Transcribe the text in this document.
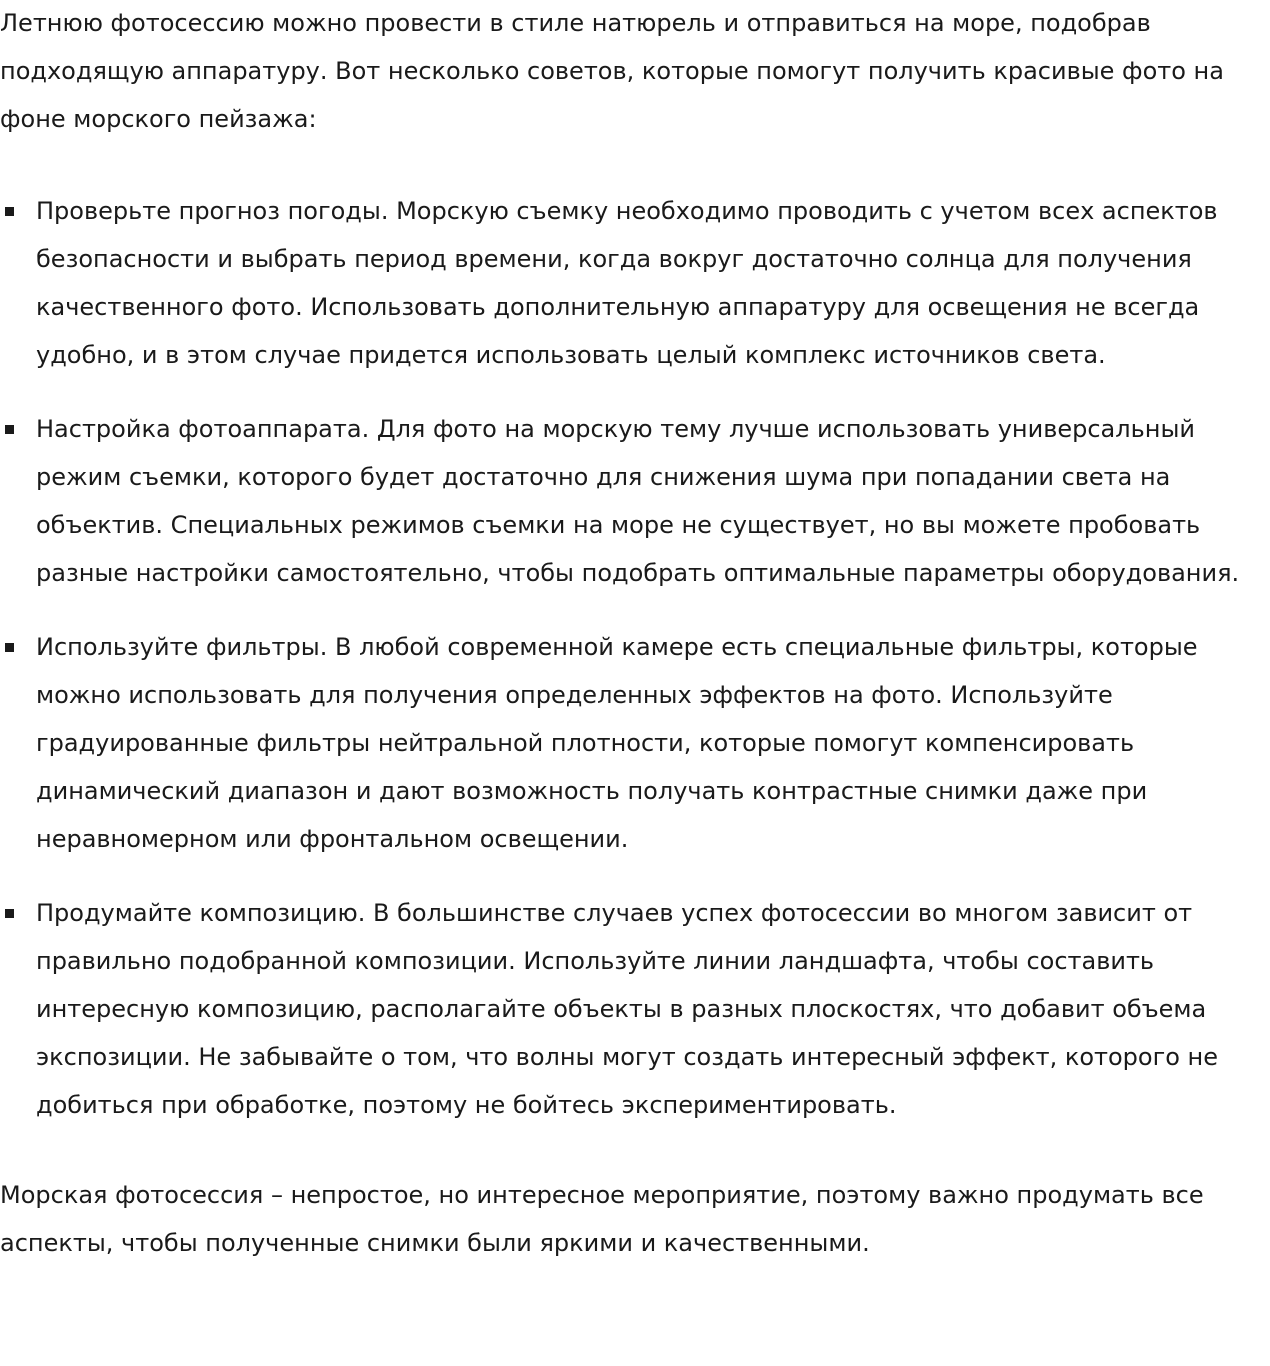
Летнюю фотосессию можно провести в стиле натюрель и отправиться на море, подобрав подходящую аппаратуру. Вот несколько советов, которые помогут получить красивые фото на фоне морского пейзажа:

Проверьте прогноз погоды. Морскую съемку необходимо проводить с учетом всех аспектов безопасности и выбрать период времени, когда вокруг достаточно солнца для получения качественного фото. Использовать дополнительную аппаратуру для освещения не всегда удобно, и в этом случае придется использовать целый комплекс источников света.
Настройка фотоаппарата. Для фото на морскую тему лучше использовать универсальный режим съемки, которого будет достаточно для снижения шума при попадании света на объектив. Специальных режимов съемки на море не существует, но вы можете пробовать разные настройки самостоятельно, чтобы подобрать оптимальные параметры оборудования.
Используйте фильтры. В любой современной камере есть специальные фильтры, которые можно использовать для получения определенных эффектов на фото. Используйте градуированные фильтры нейтральной плотности, которые помогут компенсировать динамический диапазон и дают возможность получать контрастные снимки даже при неравномерном или фронтальном освещении.
Продумайте композицию. В большинстве случаев успех фотосессии во многом зависит от правильно подобранной композиции. Используйте линии ландшафта, чтобы составить интересную композицию, располагайте объекты в разных плоскостях, что добавит объема экспозиции. Не забывайте о том, что волны могут создать интересный эффект, которого не добиться при обработке, поэтому не бойтесь экспериментировать.

Морская фотосессия – непростое, но интересное мероприятие, поэтому важно продумать все аспекты, чтобы полученные снимки были яркими и качественными.
